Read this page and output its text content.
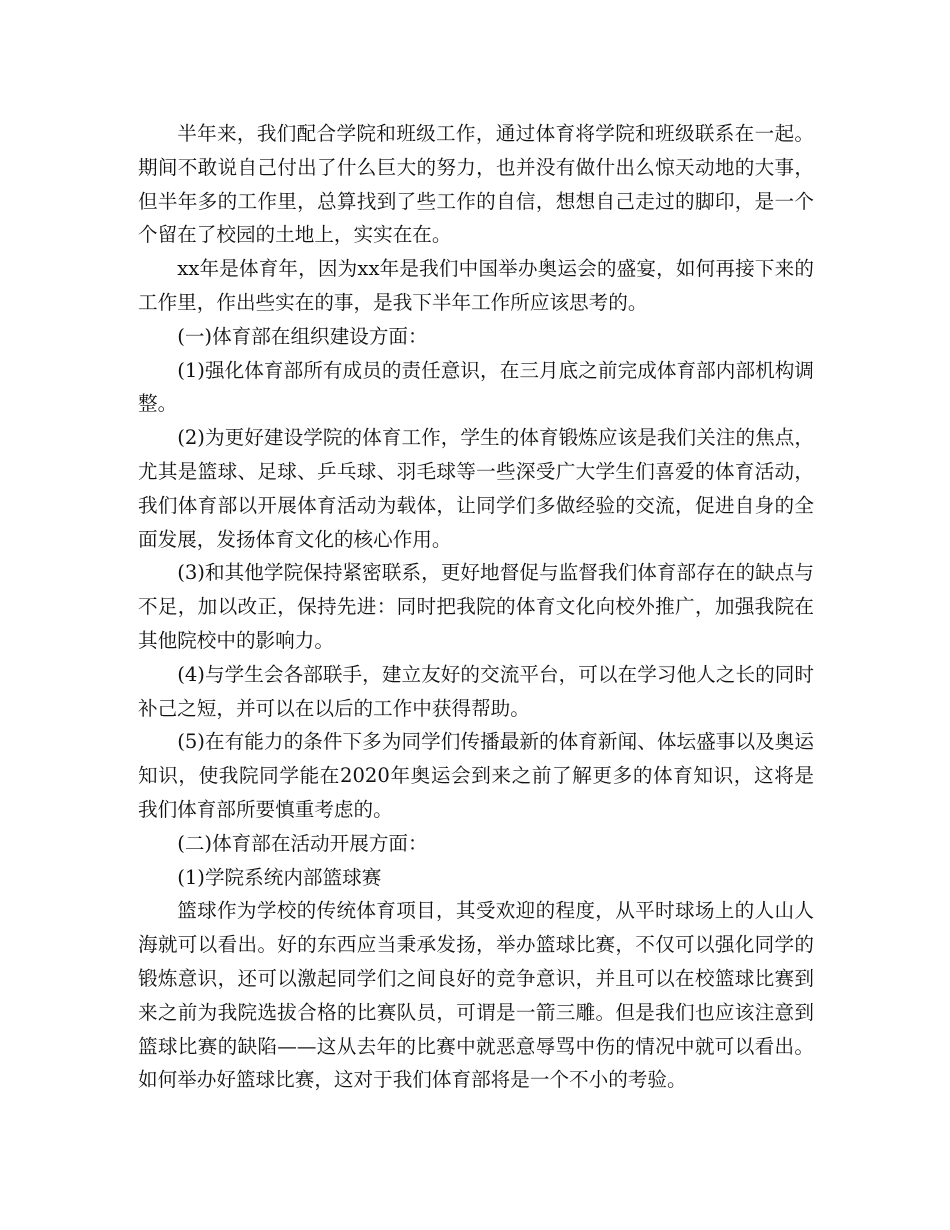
半年来，我们配合学院和班级工作，通过体育将学院和班级联系在一起。期间不敢说自己付出了什么巨大的努力，也并没有做什出么惊天动地的大事，但半年多的工作里，总算找到了些工作的自信，想想自己走过的脚印，是一个个留在了校园的土地上，实实在在。

xx年是体育年，因为xx年是我们中国举办奥运会的盛宴，如何再接下来的工作里，作出些实在的事，是我下半年工作所应该思考的。

(一)体育部在组织建设方面：

(1)强化体育部所有成员的责任意识，在三月底之前完成体育部内部机构调整。

(2)为更好建设学院的体育工作，学生的体育锻炼应该是我们关注的焦点，尤其是篮球、足球、乒乓球、羽毛球等一些深受广大学生们喜爱的体育活动，我们体育部以开展体育活动为载体，让同学们多做经验的交流，促进自身的全面发展，发扬体育文化的核心作用。

(3)和其他学院保持紧密联系，更好地督促与监督我们体育部存在的缺点与不足，加以改正，保持先进：同时把我院的体育文化向校外推广，加强我院在其他院校中的影响力。

(4)与学生会各部联手，建立友好的交流平台，可以在学习他人之长的同时补己之短，并可以在以后的工作中获得帮助。

(5)在有能力的条件下多为同学们传播最新的体育新闻、体坛盛事以及奥运知识，使我院同学能在2020年奥运会到来之前了解更多的体育知识，这将是我们体育部所要慎重考虑的。

(二)体育部在活动开展方面：

(1)学院系统内部篮球赛

篮球作为学校的传统体育项目，其受欢迎的程度，从平时球场上的人山人海就可以看出。好的东西应当秉承发扬，举办篮球比赛，不仅可以强化同学的锻炼意识，还可以激起同学们之间良好的竞争意识，并且可以在校篮球比赛到来之前为我院选拔合格的比赛队员，可谓是一箭三雕。但是我们也应该注意到篮球比赛的缺陷——这从去年的比赛中就恶意辱骂中伤的情况中就可以看出。如何举办好篮球比赛，这对于我们体育部将是一个不小的考验。
